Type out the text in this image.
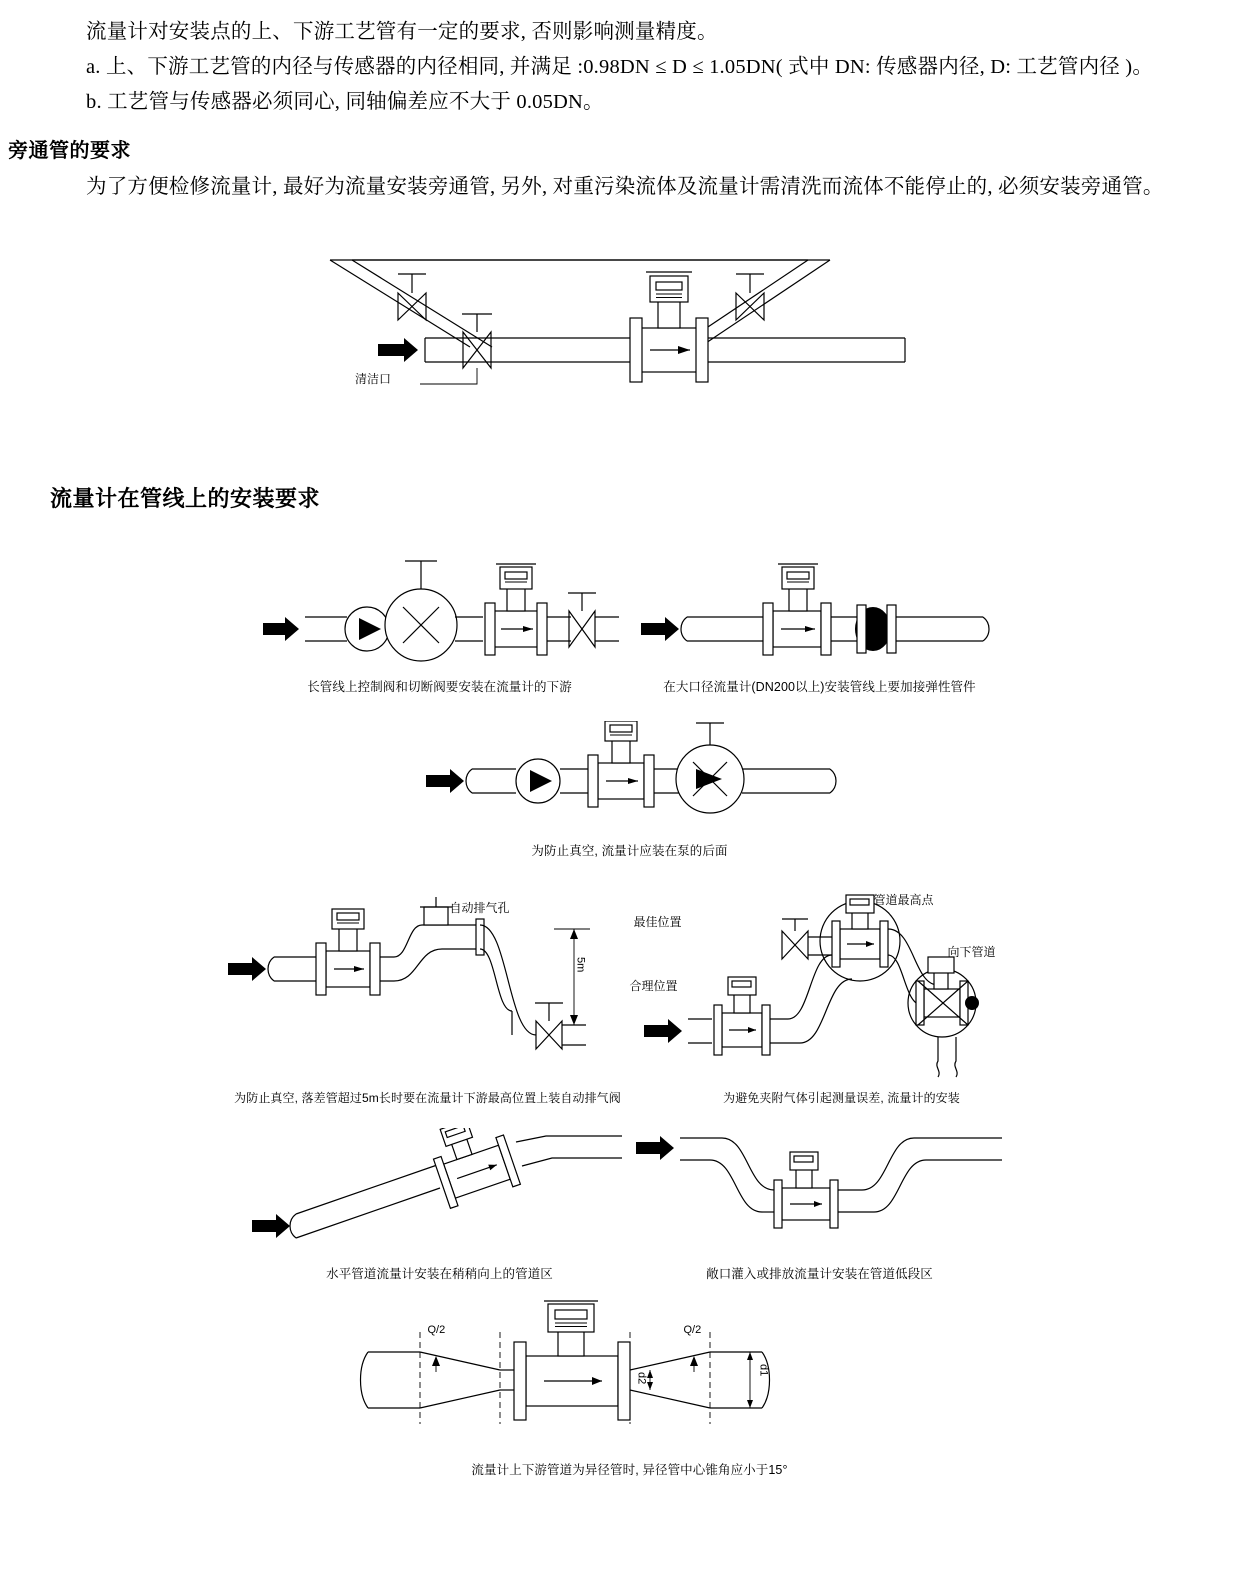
流量计对安装点的上、下游工艺管有一定的要求, 否则影响测量精度。

a. 上、下游工艺管的内径与传感器的内径相同, 并满足 :0.98DN ≤ D ≤ 1.05DN( 式中 DN: 传感器内径, D: 工艺管内径 )。

b. 工艺管与传感器必须同心, 同轴偏差应不大于 0.05DN。

旁通管的要求

为了方便检修流量计, 最好为流量安装旁通管, 另外, 对重污染流体及流量计需清洗而流体不能停止的, 必须安装旁通管。

清洁口
流量计在管线上的安装要求
长管线上控制阀和切断阀要安装在流量计的下游	在大口径流量计(DN200以上)安装管线上要加接弹性管件
为防止真空, 流量计应装在泵的后面
自动排气孔
5m
为防止真空, 落差管超过5m长时要在流量计下游最高位置上装自动排气阀
最佳位置
合理位置
管道最高点
向下管道
为避免夹附气体引起测量误差, 流量计的安装
水平管道流量计安装在稍稍向上的管道区	敞口灌入或排放流量计安装在管道低段区
Q/2	Q/2
d2
d1
流量计上下游管道为异径管时, 异径管中心锥角应小于15°
